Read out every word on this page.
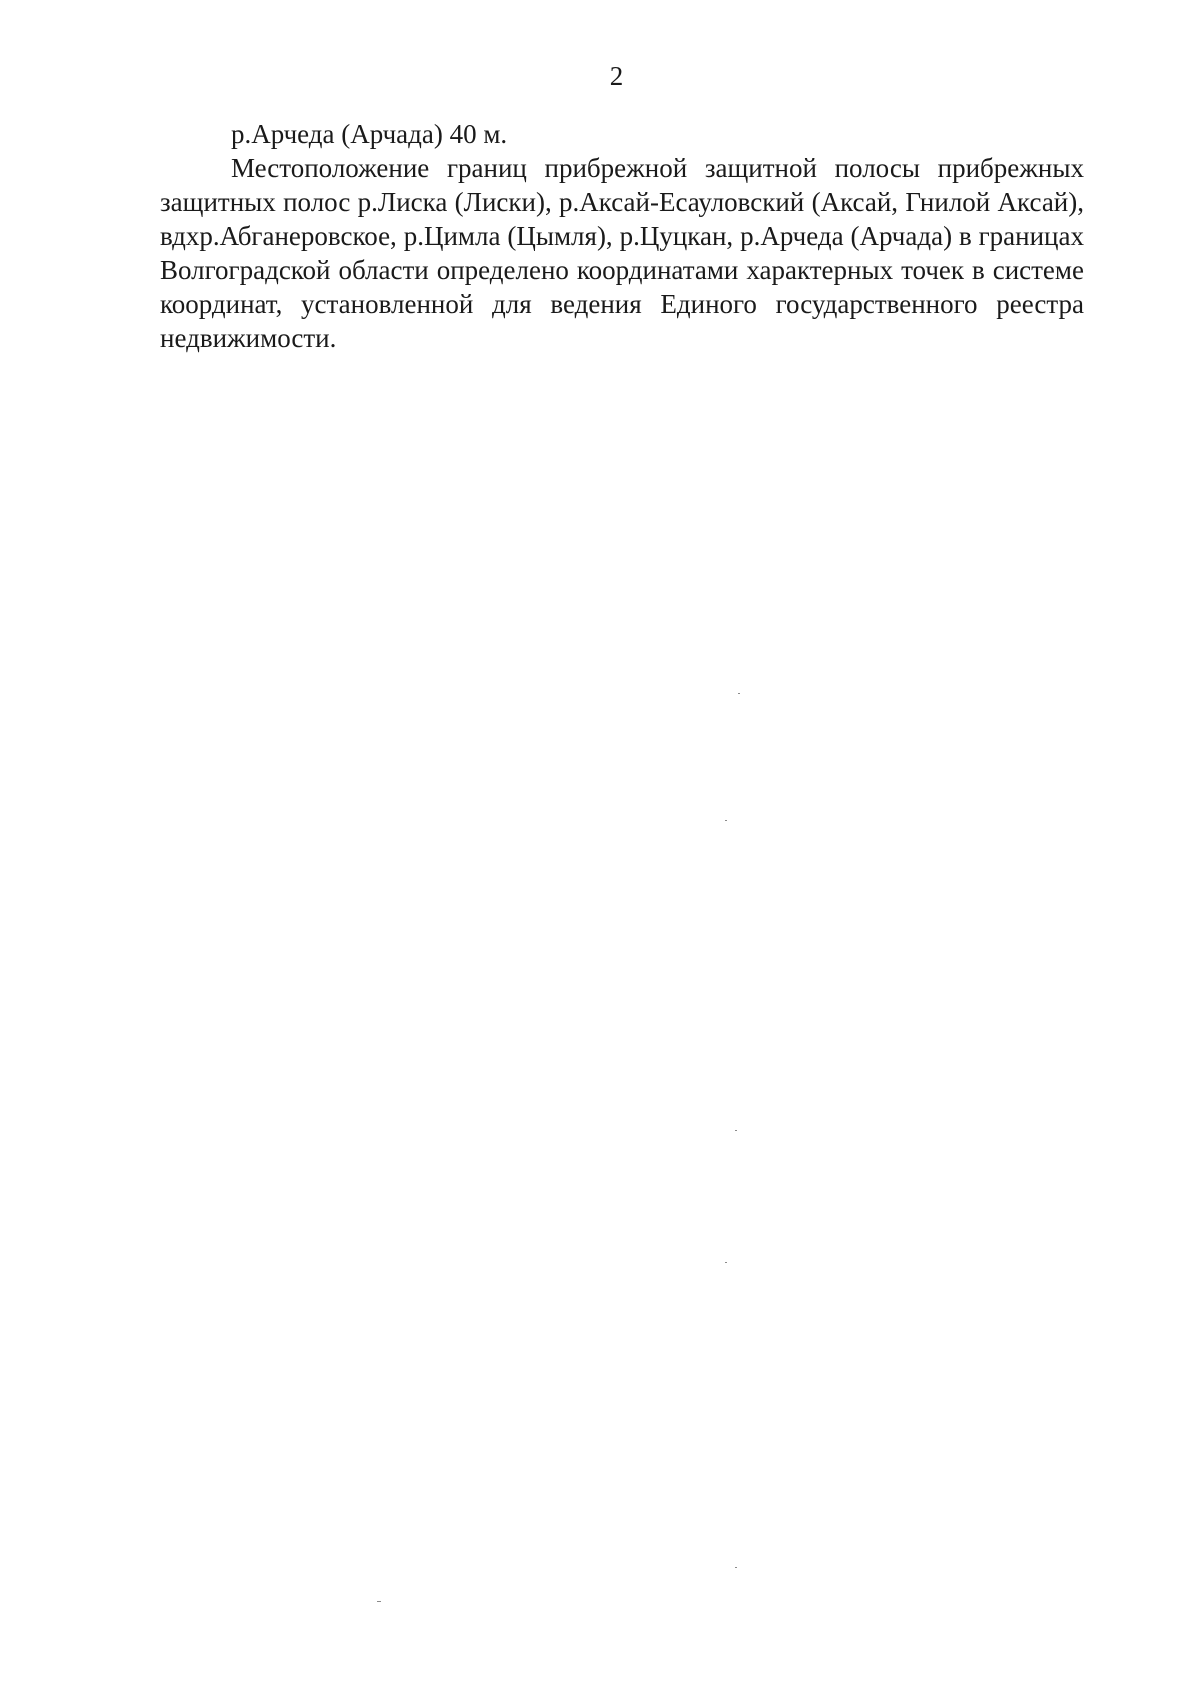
2

р.Арчеда (Арчада) 40 м.

Местоположение границ прибрежной защитной полосы прибрежных защитных полос р.Лиска (Лиски), р.Аксай-Есауловский (Аксай, Гнилой Аксай), вдхр.Абганеровское, р.Цимла (Цымля), р.Цуцкан, р.Арчеда (Арчада) в границах Волгоградской области определено координатами характерных точек в системе координат, установленной для ведения Единого государственного реестра недвижимости.
